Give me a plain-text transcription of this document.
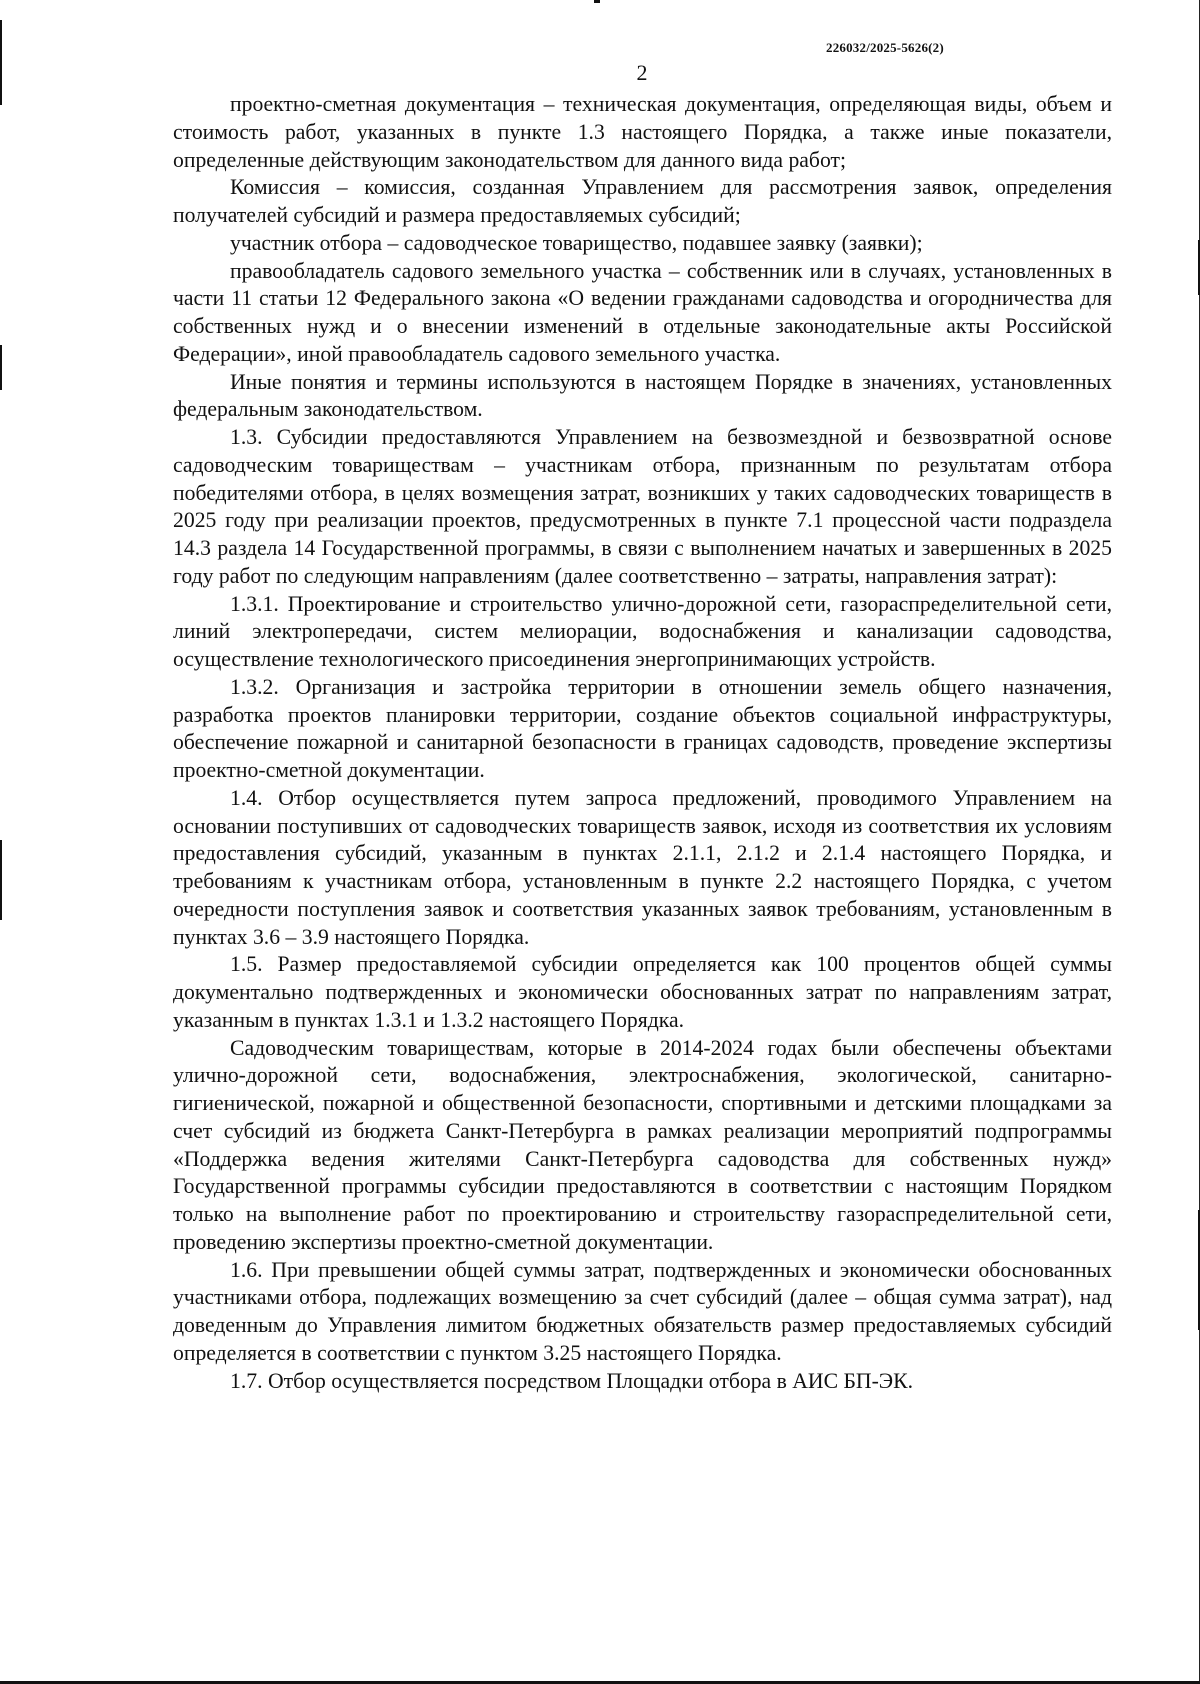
226032/2025-5626(2)
2

проектно-сметная документация – техническая документация, определяющая виды, объем и стоимость работ, указанных в пункте 1.3 настоящего Порядка, а также иные показатели, определенные действующим законодательством для данного вида работ;

Комиссия – комиссия, созданная Управлением для рассмотрения заявок, определения получателей субсидий и размера предоставляемых субсидий;

участник отбора – садоводческое товарищество, подавшее заявку (заявки);

правообладатель садового земельного участка – собственник или в случаях, установленных в части 11 статьи 12 Федерального закона «О ведении гражданами садоводства и огородничества для собственных нужд и о внесении изменений в отдельные законодательные акты Российской Федерации», иной правообладатель садового земельного участка.

Иные понятия и термины используются в настоящем Порядке в значениях, установленных федеральным законодательством.

1.3. Субсидии предоставляются Управлением на безвозмездной и безвозвратной основе садоводческим товариществам – участникам отбора, признанным по результатам отбора победителями отбора, в целях возмещения затрат, возникших у таких садоводческих товариществ в 2025 году при реализации проектов, предусмотренных в пункте 7.1 процессной части подраздела 14.3 раздела 14 Государственной программы, в связи с выполнением начатых и завершенных в 2025 году работ по следующим направлениям (далее соответственно – затраты, направления затрат):

1.3.1. Проектирование и строительство улично-дорожной сети, газораспределительной сети, линий электропередачи, систем мелиорации, водоснабжения и канализации садоводства, осуществление технологического присоединения энергопринимающих устройств.

1.3.2. Организация и застройка территории в отношении земель общего назначения, разработка проектов планировки территории, создание объектов социальной инфраструктуры, обеспечение пожарной и санитарной безопасности в границах садоводств, проведение экспертизы проектно-сметной документации.

1.4. Отбор осуществляется путем запроса предложений, проводимого Управлением на основании поступивших от садоводческих товариществ заявок, исходя из соответствия их условиям предоставления субсидий, указанным в пунктах 2.1.1, 2.1.2 и 2.1.4 настоящего Порядка, и требованиям к участникам отбора, установленным в пункте 2.2 настоящего Порядка, с учетом очередности поступления заявок и соответствия указанных заявок требованиям, установленным в пунктах 3.6 – 3.9 настоящего Порядка.

1.5. Размер предоставляемой субсидии определяется как 100 процентов общей суммы документально подтвержденных и экономически обоснованных затрат по направлениям затрат, указанным в пунктах 1.3.1 и 1.3.2 настоящего Порядка.

Садоводческим товариществам, которые в 2014-2024 годах были обеспечены объектами улично-дорожной сети, водоснабжения, электроснабжения, экологической, санитарно-гигиенической, пожарной и общественной безопасности, спортивными и детскими площадками за счет субсидий из бюджета Санкт-Петербурга в рамках реализации мероприятий подпрограммы «Поддержка ведения жителями Санкт-Петербурга садоводства для собственных нужд» Государственной программы субсидии предоставляются в соответствии с настоящим Порядком только на выполнение работ по проектированию и строительству газораспределительной сети, проведению экспертизы проектно-сметной документации.

1.6. При превышении общей суммы затрат, подтвержденных и экономически обоснованных участниками отбора, подлежащих возмещению за счет субсидий (далее – общая сумма затрат), над доведенным до Управления лимитом бюджетных обязательств размер предоставляемых субсидий определяется в соответствии с пунктом 3.25 настоящего Порядка.

1.7. Отбор осуществляется посредством Площадки отбора в АИС БП-ЭК.
